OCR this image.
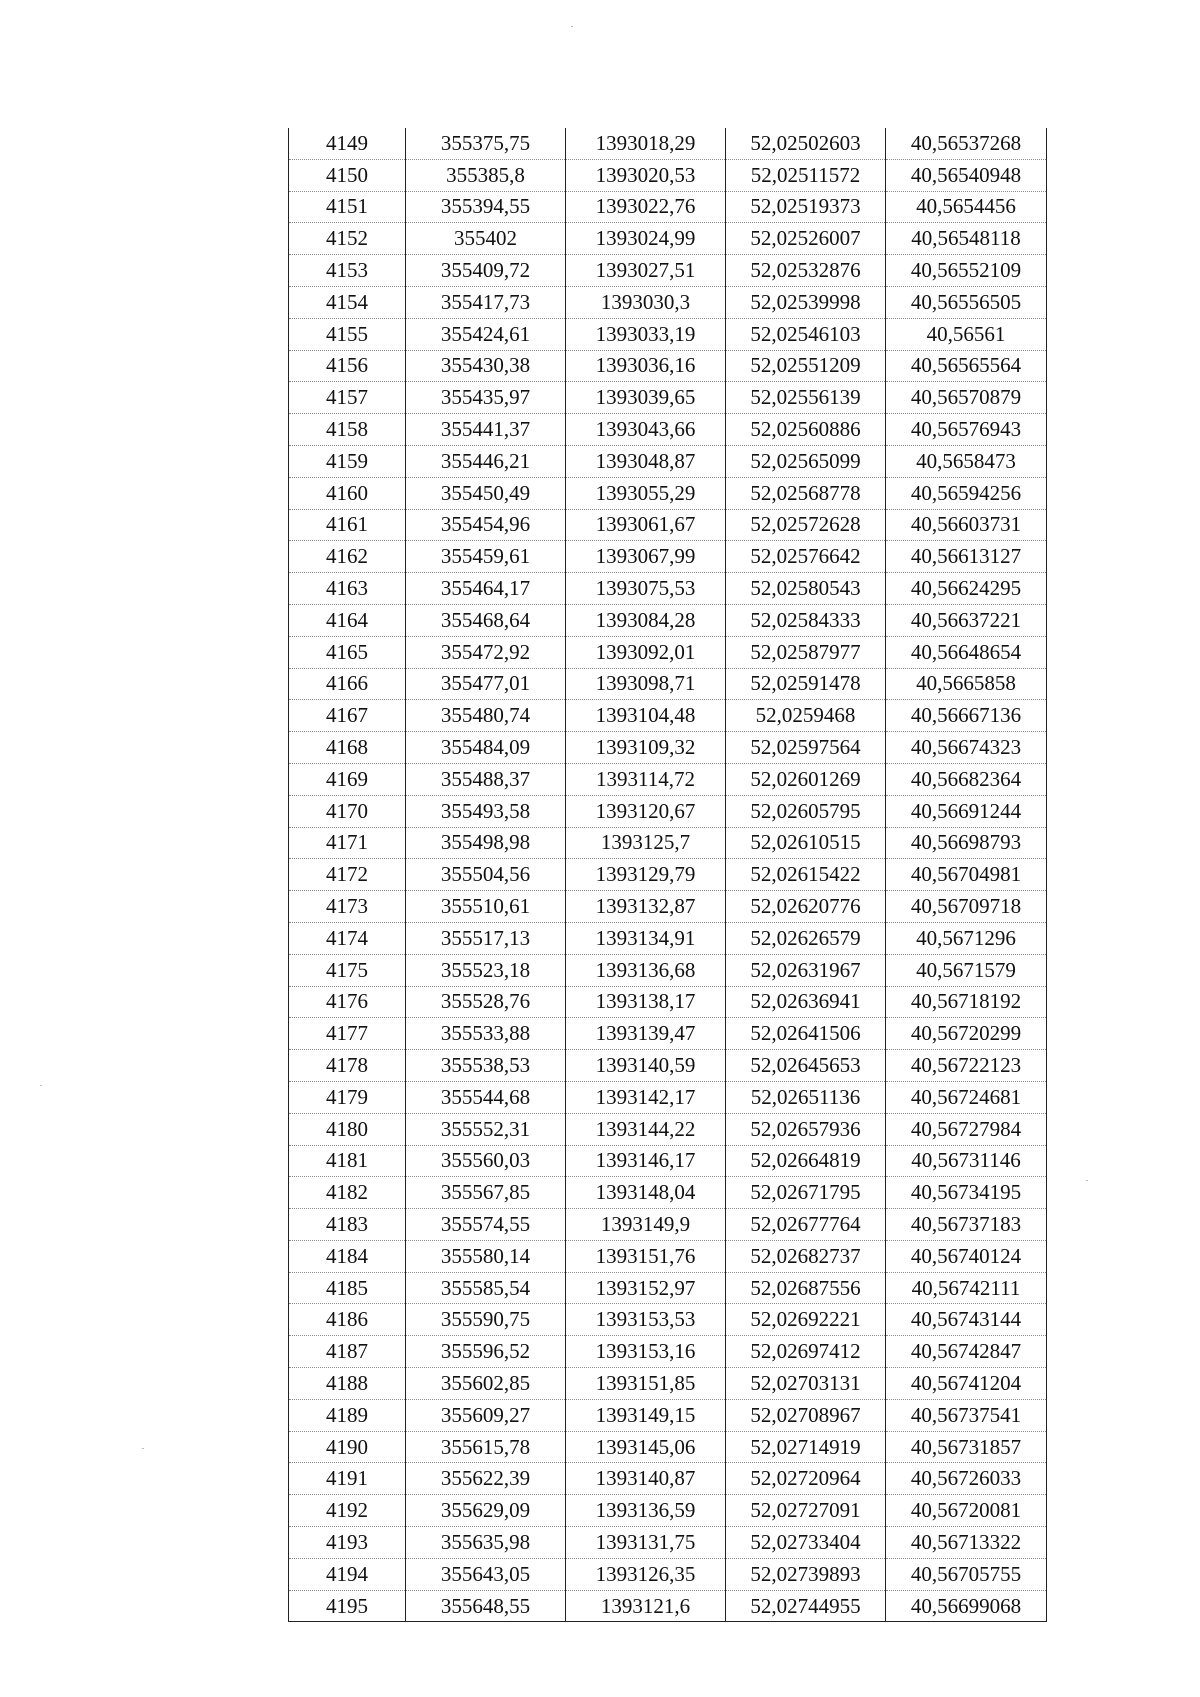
4149	355375,75	1393018,29	52,02502603	40,56537268
4150	355385,8	1393020,53	52,02511572	40,56540948
4151	355394,55	1393022,76	52,02519373	40,5654456
4152	355402	1393024,99	52,02526007	40,56548118
4153	355409,72	1393027,51	52,02532876	40,56552109
4154	355417,73	1393030,3	52,02539998	40,56556505
4155	355424,61	1393033,19	52,02546103	40,56561
4156	355430,38	1393036,16	52,02551209	40,56565564
4157	355435,97	1393039,65	52,02556139	40,56570879
4158	355441,37	1393043,66	52,02560886	40,56576943
4159	355446,21	1393048,87	52,02565099	40,5658473
4160	355450,49	1393055,29	52,02568778	40,56594256
4161	355454,96	1393061,67	52,02572628	40,56603731
4162	355459,61	1393067,99	52,02576642	40,56613127
4163	355464,17	1393075,53	52,02580543	40,56624295
4164	355468,64	1393084,28	52,02584333	40,56637221
4165	355472,92	1393092,01	52,02587977	40,56648654
4166	355477,01	1393098,71	52,02591478	40,5665858
4167	355480,74	1393104,48	52,0259468	40,56667136
4168	355484,09	1393109,32	52,02597564	40,56674323
4169	355488,37	1393114,72	52,02601269	40,56682364
4170	355493,58	1393120,67	52,02605795	40,56691244
4171	355498,98	1393125,7	52,02610515	40,56698793
4172	355504,56	1393129,79	52,02615422	40,56704981
4173	355510,61	1393132,87	52,02620776	40,56709718
4174	355517,13	1393134,91	52,02626579	40,5671296
4175	355523,18	1393136,68	52,02631967	40,5671579
4176	355528,76	1393138,17	52,02636941	40,56718192
4177	355533,88	1393139,47	52,02641506	40,56720299
4178	355538,53	1393140,59	52,02645653	40,56722123
4179	355544,68	1393142,17	52,02651136	40,56724681
4180	355552,31	1393144,22	52,02657936	40,56727984
4181	355560,03	1393146,17	52,02664819	40,56731146
4182	355567,85	1393148,04	52,02671795	40,56734195
4183	355574,55	1393149,9	52,02677764	40,56737183
4184	355580,14	1393151,76	52,02682737	40,56740124
4185	355585,54	1393152,97	52,02687556	40,56742111
4186	355590,75	1393153,53	52,02692221	40,56743144
4187	355596,52	1393153,16	52,02697412	40,56742847
4188	355602,85	1393151,85	52,02703131	40,56741204
4189	355609,27	1393149,15	52,02708967	40,56737541
4190	355615,78	1393145,06	52,02714919	40,56731857
4191	355622,39	1393140,87	52,02720964	40,56726033
4192	355629,09	1393136,59	52,02727091	40,56720081
4193	355635,98	1393131,75	52,02733404	40,56713322
4194	355643,05	1393126,35	52,02739893	40,56705755
4195	355648,55	1393121,6	52,02744955	40,56699068
